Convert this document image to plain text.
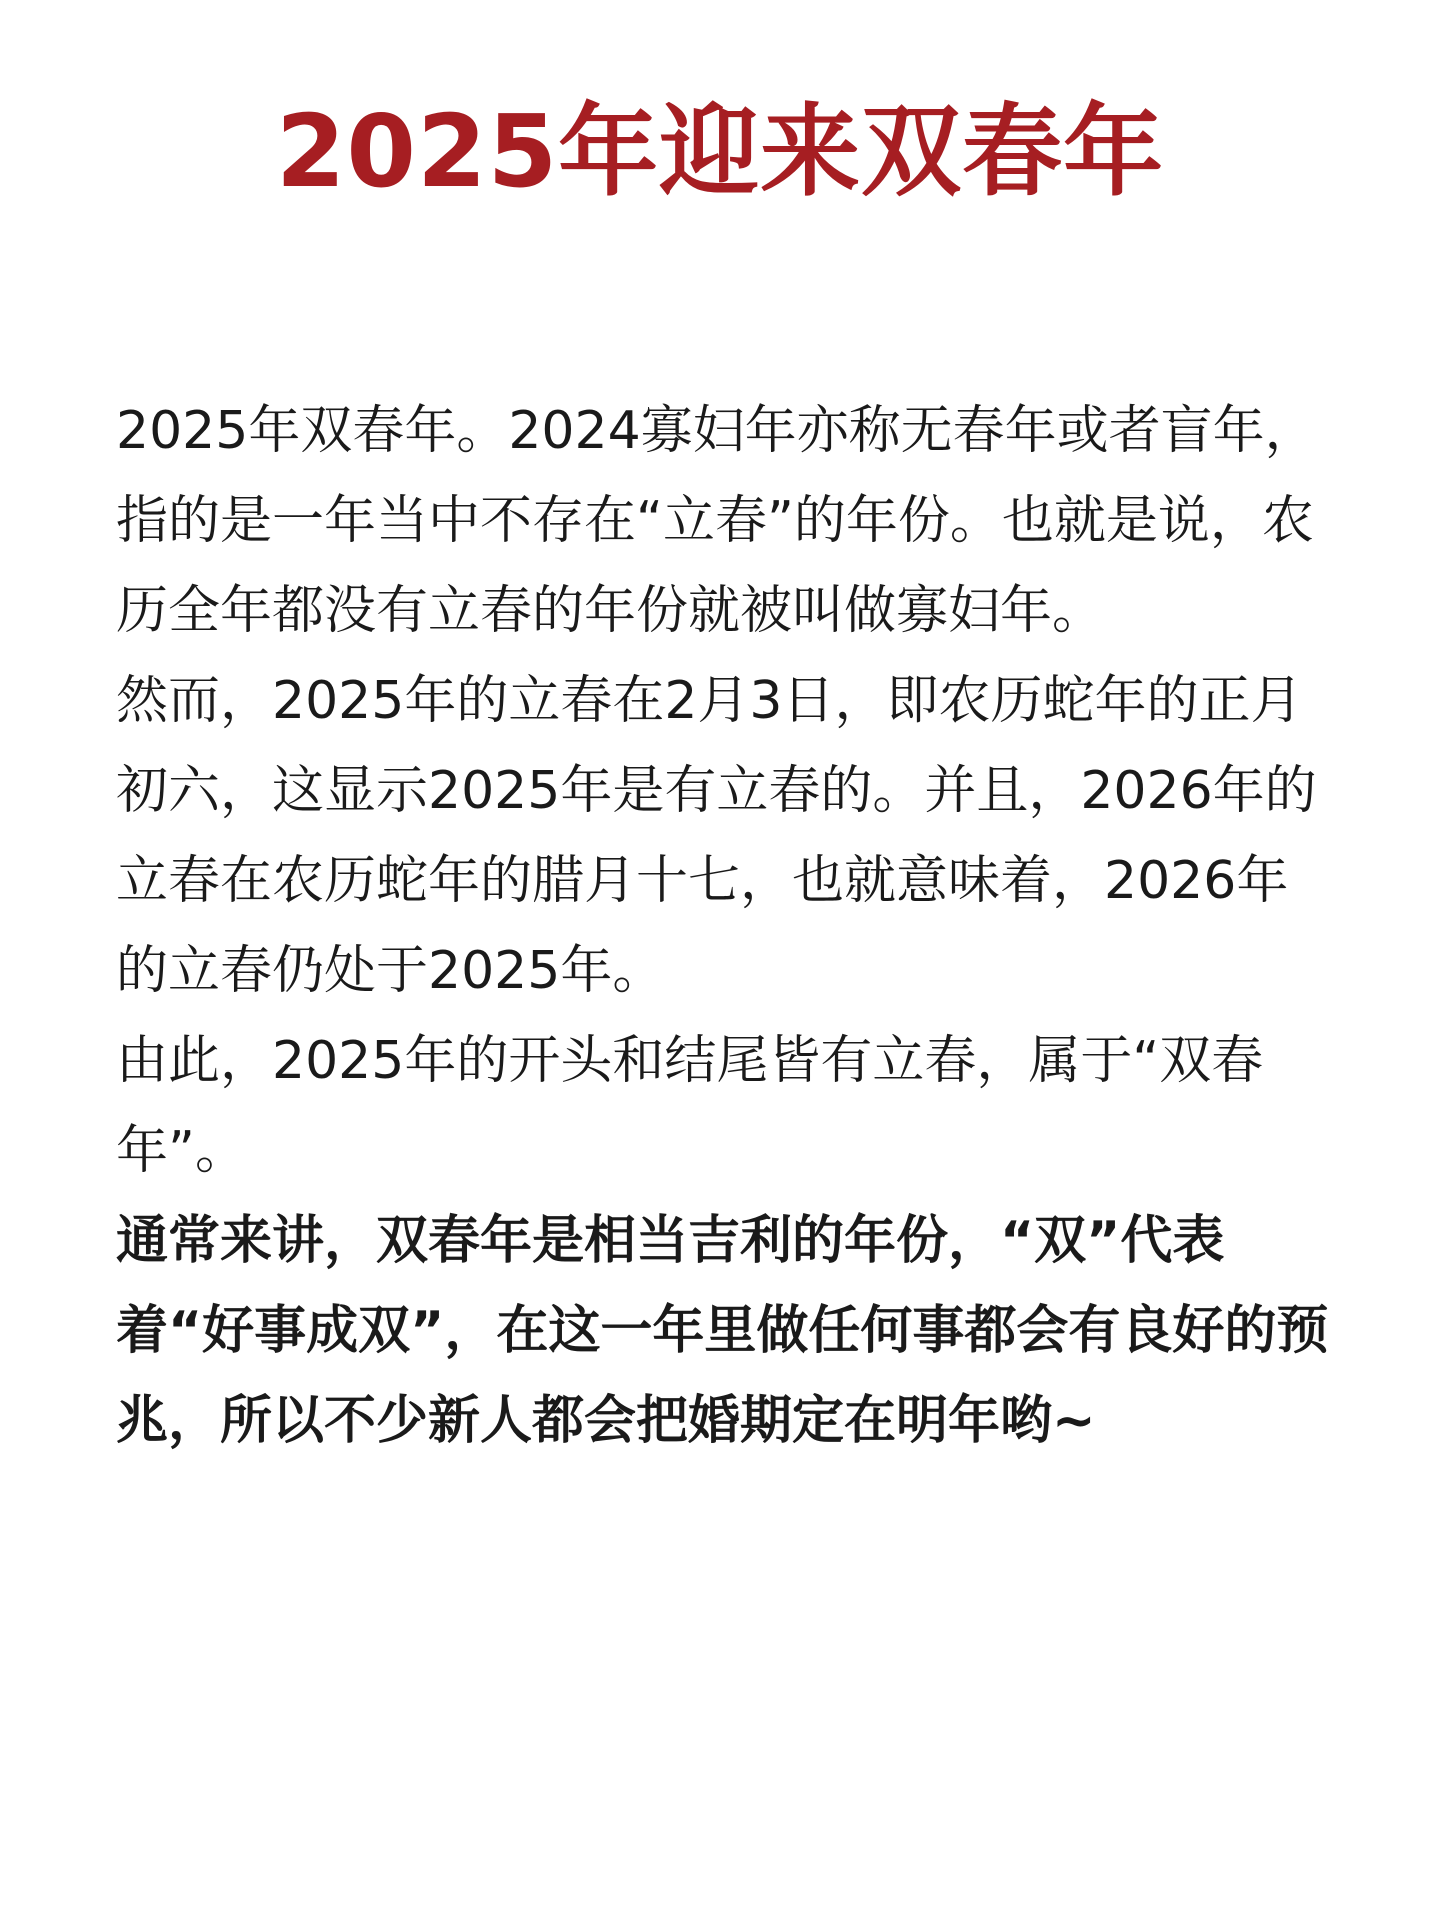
2025年迎来双春年

2025年双春年。2024寡妇年亦称无春年或者盲年，指的是一年当中不存在“立春”的年份。也就是说，农历全年都没有立春的年份就被叫做寡妇年。

然而，2025年的立春在2月3日，即农历蛇年的正月初六，这显示2025年是有立春的。并且，2026年的立春在农历蛇年的腊月十七，也就意味着，2026年的立春仍处于2025年。

由此，2025年的开头和结尾皆有立春，属于“双春年”。

通常来讲，双春年是相当吉利的年份，“双”代表着“好事成双”，在这一年里做任何事都会有良好的预兆，所以不少新人都会把婚期定在明年哟~
